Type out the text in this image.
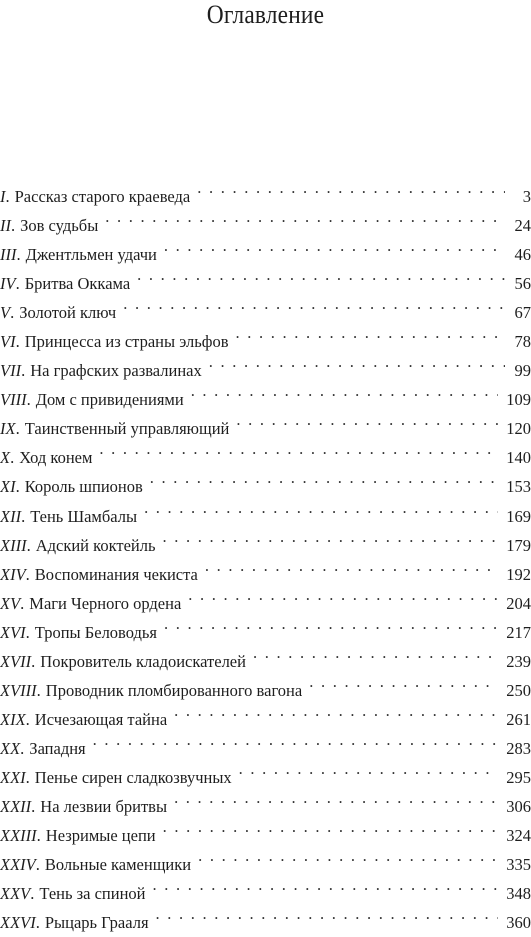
Оглавление
I . Рассказ старого краеведа . . .	3
II . Зов судьбы . . .	24
III . Джентльмен удачи . . .	46
IV . Бритва Оккама . . .	56
V . Золотой ключ . . .	67
VI . Принцесса из страны эльфов . . .	78
VII . На графских развалинах . . .	99
VIII . Дом с привидениями . . .	109
IX . Таинственный управляющий . . .	120
X . Ход конем . . .	140
XI . Король шпионов . . .	153
XII . Тень Шамбалы . . .	169
XIII . Адский коктейль . . .	179
XIV . Воспоминания чекиста . . .	192
XV . Маги Черного ордена . . .	204
XVI . Тропы Беловодья . . .	217
XVII . Покровитель кладоискателей . . .	239
XVIII . Проводник пломбированного вагона . . .	250
XIX . Исчезающая тайна . . .	261
XX . Западня . . .	283
XXI . Пенье сирен сладкозвучных . . .	295
XXII . На лезвии бритвы . . .	306
XXIII . Незримые цепи . . .	324
XXIV . Вольные каменщики . . .	335
XXV . Тень за спиной . . .	348
XXVI . Рыцарь Грааля . . .	360
